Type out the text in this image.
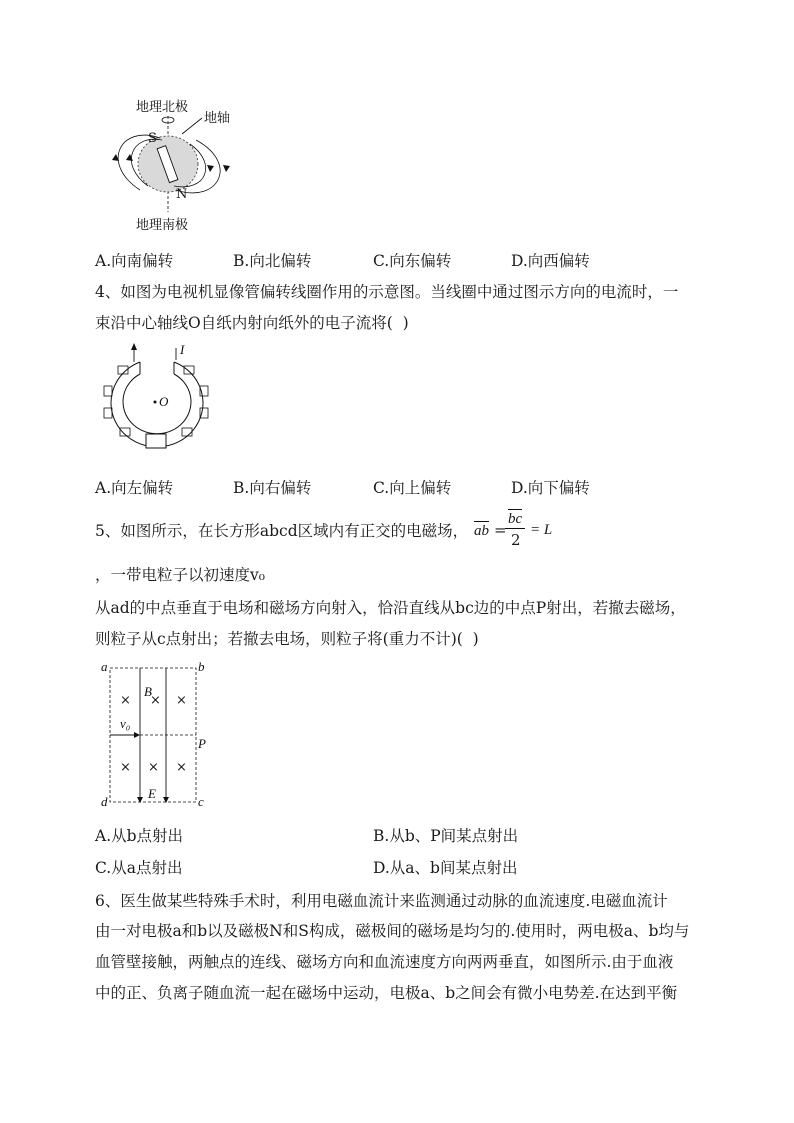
地理北极
地轴
S
N
地理南极
A.向南偏转	B.向北偏转	C.向东偏转	D.向西偏转
4、如图为电视机显像管偏转线圈作用的示意图。当线圈中通过图示方向的电流时，一
束沿中心轴线O自纸内射向纸外的电子流将(  )
I
O
A.向左偏转	B.向右偏转	C.向上偏转	D.向下偏转
5、如图所示，在长方形abcd区域内有正交的电磁场， ab =
bc
2
= L
，一带电粒子以初速度v₀
从ad的中点垂直于电场和磁场方向射入，恰沿直线从bc边的中点P射出，若撤去磁场，
则粒子从c点射出；若撤去电场，则粒子将(重力不计)(  )
a	b
d	c
P
B
E
v₀
× × ×
× × ×
A.从b点射出	B.从b、P间某点射出
C.从a点射出	D.从a、b间某点射出
6、医生做某些特殊手术时，利用电磁血流计来监测通过动脉的血流速度.电磁血流计
由一对电极a和b以及磁极N和S构成，磁极间的磁场是均匀的.使用时，两电极a、b均与
血管壁接触，两触点的连线、磁场方向和血流速度方向两两垂直，如图所示.由于血液
中的正、负离子随血流一起在磁场中运动，电极a、b之间会有微小电势差.在达到平衡
